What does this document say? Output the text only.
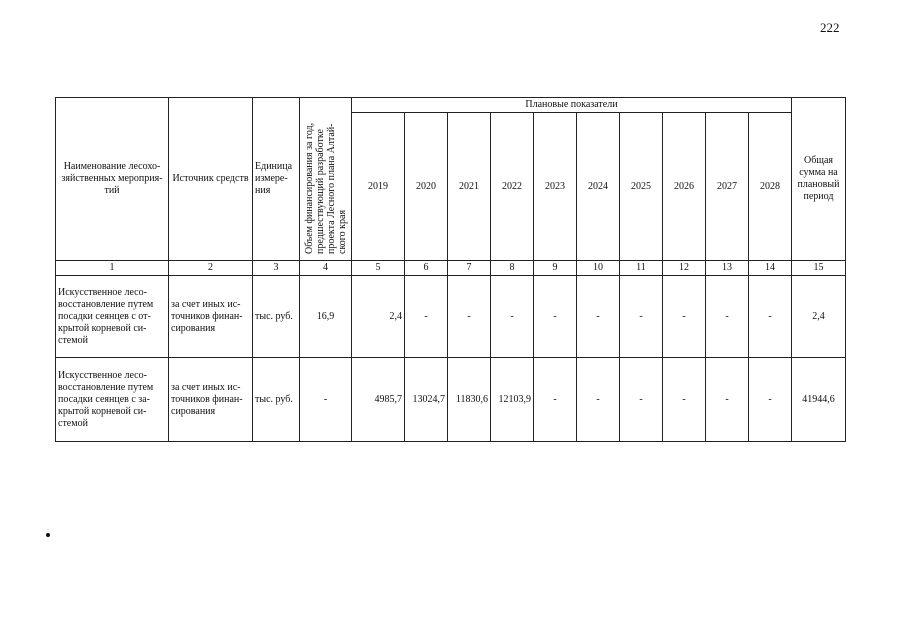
222
Наименование лесохо-зяйственных мероприя-тий	Источник средств	Единица измере-ния	Объем финансирования за год, предшествующий разработке проекта Лесного плана Алтай-ского края	Плановые показатели										Общая сумма на плановый период
				2019	2020	2021	2022	2023	2024	2025	2026	2027	2028	
1	2	3	4	5	6	7	8	9	10	11	12	13	14	15
Искусственное лесо-восстановление путем посадки сеянцев с от-крытой корневой си-стемой	за счет иных ис-точников финан-сирования	тыс. руб.	16,9	2,4	-	-	-	-	-	-	-	-	-	2,4
Искусственное лесо-восстановление путем посадки сеянцев с за-крытой корневой си-стемой	за счет иных ис-точников финан-сирования	тыс. руб.	-	4985,7	13024,7	11830,6	12103,9	-	-	-	-	-	-	41944,6
